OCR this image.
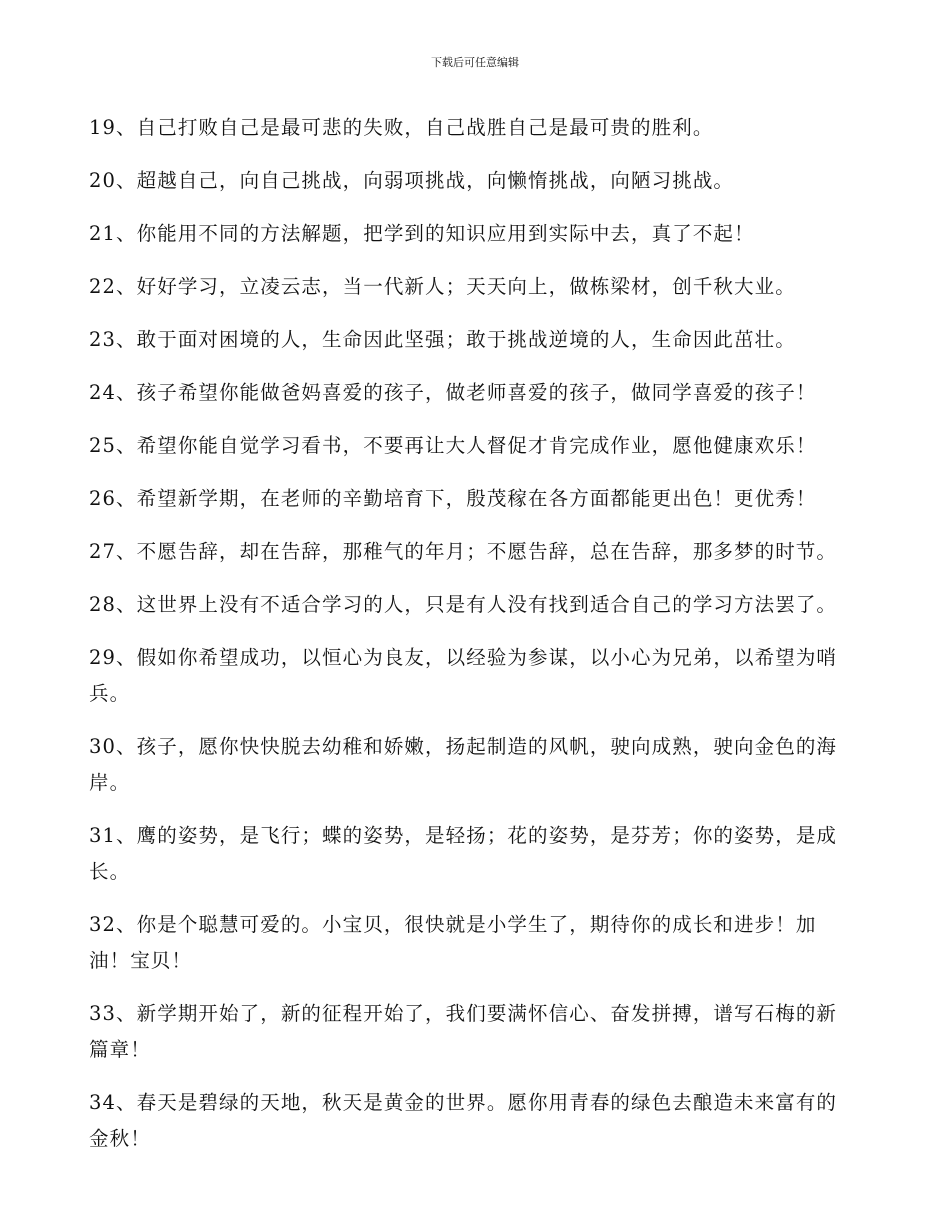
下载后可任意编辑

19、自己打败自己是最可悲的失败，自己战胜自己是最可贵的胜利。

20、超越自己，向自己挑战，向弱项挑战，向懒惰挑战，向陋习挑战。

21、你能用不同的方法解题，把学到的知识应用到实际中去，真了不起！

22、好好学习，立凌云志，当一代新人；天天向上，做栋梁材，创千秋大业。

23、敢于面对困境的人，生命因此坚强；敢于挑战逆境的人，生命因此茁壮。

24、孩子希望你能做爸妈喜爱的孩子，做老师喜爱的孩子，做同学喜爱的孩子！

25、希望你能自觉学习看书，不要再让大人督促才肯完成作业，愿他健康欢乐！

26、希望新学期，在老师的辛勤培育下，殷茂稼在各方面都能更出色！更优秀！

27、不愿告辞，却在告辞，那稚气的年月；不愿告辞，总在告辞，那多梦的时节。

28、这世界上没有不适合学习的人，只是有人没有找到适合自己的学习方法罢了。

29、假如你希望成功，以恒心为良友，以经验为参谋，以小心为兄弟，以希望为哨兵。

30、孩子，愿你快快脱去幼稚和娇嫩，扬起制造的风帆，驶向成熟，驶向金色的海岸。

31、鹰的姿势，是飞行；蝶的姿势，是轻扬；花的姿势，是芬芳；你的姿势，是成长。

32、你是个聪慧可爱的。小宝贝，很快就是小学生了，期待你的成长和进步！加油！宝贝！

33、新学期开始了，新的征程开始了，我们要满怀信心、奋发拼搏，谱写石梅的新篇章！

34、春天是碧绿的天地，秋天是黄金的世界。愿你用青春的绿色去酿造未来富有的金秋！
